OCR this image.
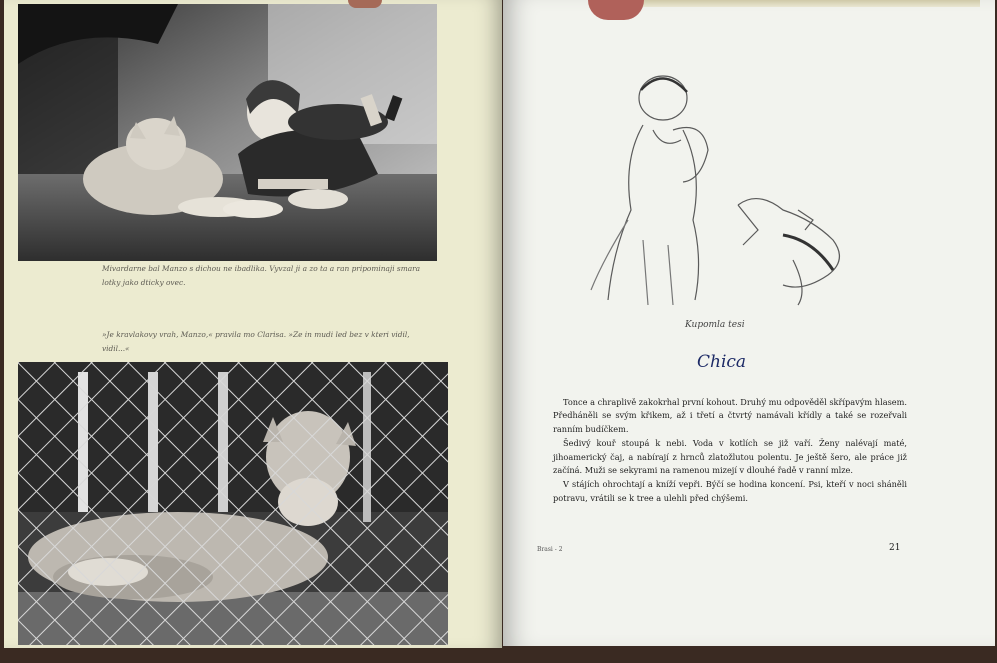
Mivardarne bal Manzo s dichou ne ibadlika. Vyvzal ji a zo ta a ran pripominaji smara lotky jako dticky ovec.
»Je kravlakovy vrah, Manzo,« pravila mo Clarisa. »Ze in mudi led bez v kteri vidil, vidil...«
Kupomla tesi
Chica

Tonce a chraplivě zakokrhal první kohout. Druhý mu odpověděl skřípavým hlasem. Předháněli se svým křikem, až i třetí a čtvrtý namávali křídly a také se rozeřvali ranním budíčkem.

Šedivý kouř stoupá k nebi. Voda v kotlích se již vaří. Ženy nalévají maté, jihoamerický čaj, a nabírají z hrnců zlatožlutou polentu. Je ještě šero, ale práce již začíná. Muži se sekyrami na ramenou mizejí v dlouhé řadě v ranní mlze.

V stájích ohrochtají a kníží vepři. Býčí se hodina koncení. Psi, kteří v noci sháněli potravu, vrátili se k tree a ulehli před chýšemi.

Brasi - 2	21
